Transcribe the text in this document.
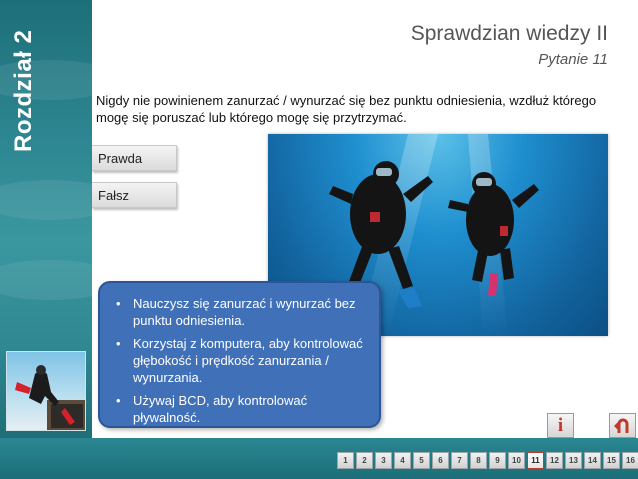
Rozdział 2	Sprawdzian wiedzy II
Pytanie 11
Nigdy nie powinienem zanurzać / wynurzać się bez punktu odniesienia, wzdłuż którego mogę się poruszać lub którego mogę się przytrzymać.
Prawda
Fałsz
• Nauczysz się zanurzać i wynurzać bez punktu odniesienia.
• Korzystaj z komputera, aby kontrolować głębokość i prędkość zanurzania / wynurzania.
• Używaj BCD, aby kontrolować pływalność.	i
1	2	3	4	5	6	7	8	9	10	11	12	13	14	15	16
